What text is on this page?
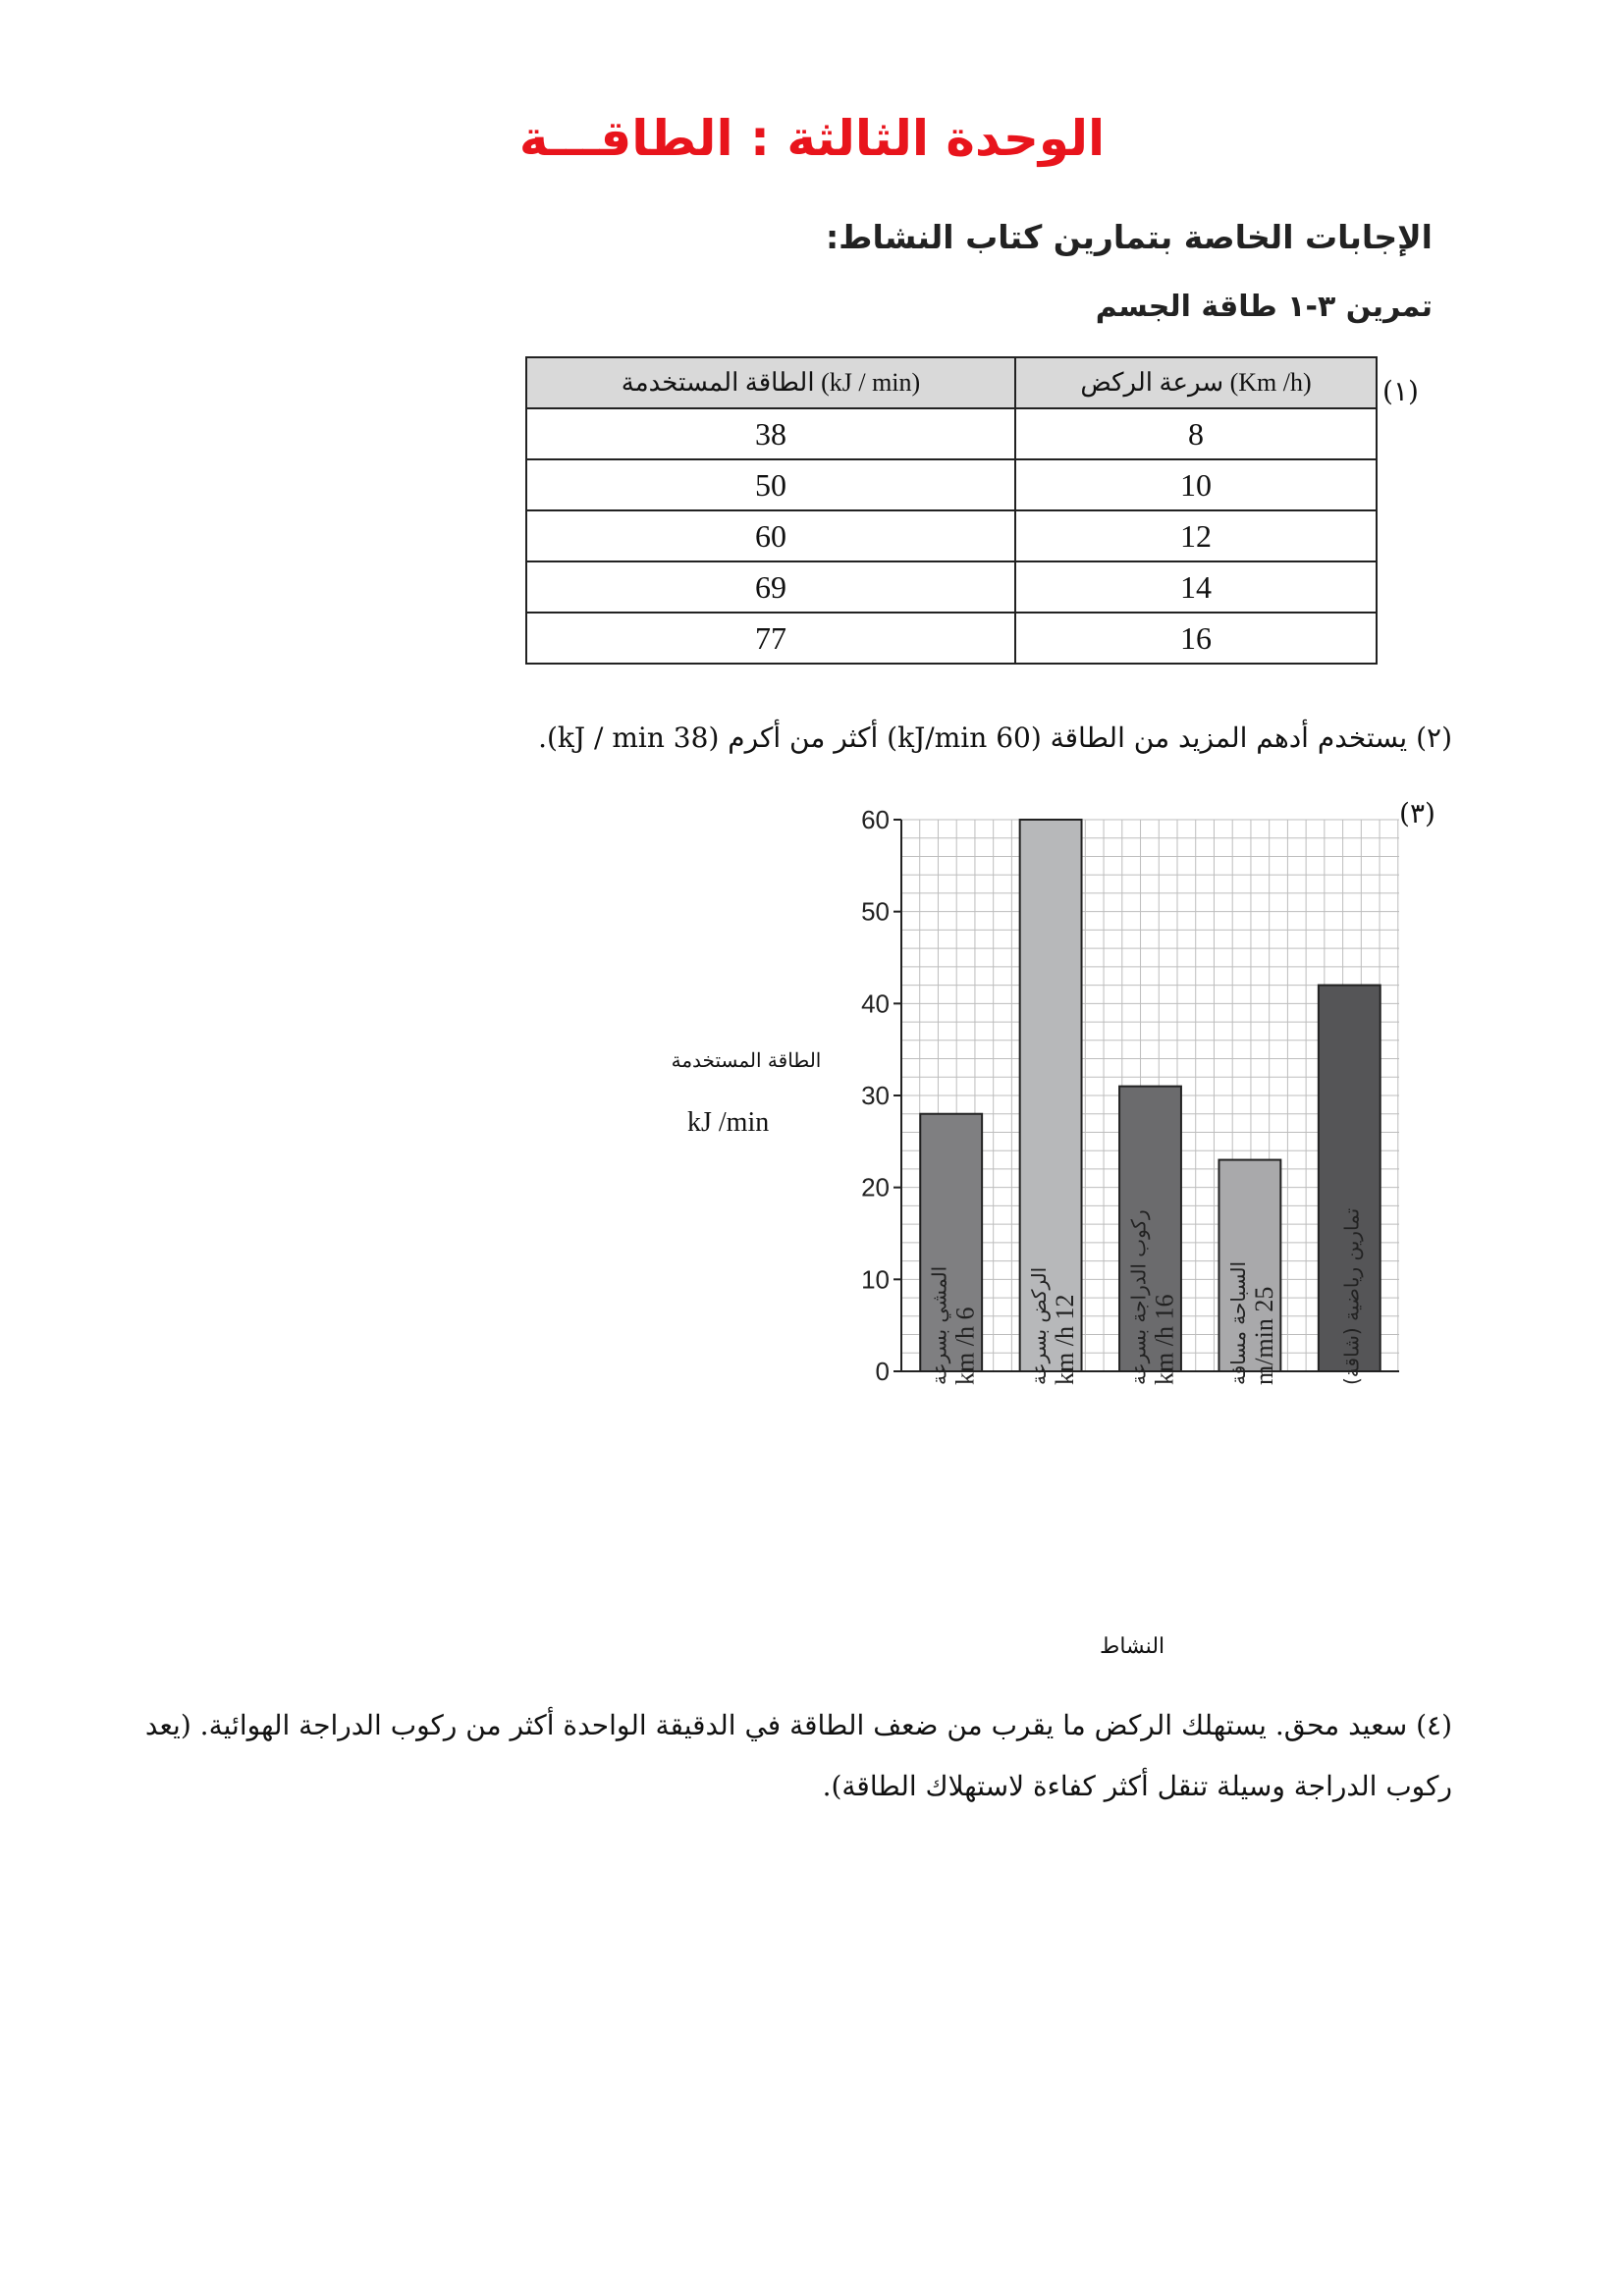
الوحدة الثالثة : الطاقـــة
الإجابات الخاصة بتمارين كتاب النشاط:
تمرين ٣-١ طاقة الجسم
(١)
الطاقة المستخدمة (kJ / min)	سرعة الركض (Km /h)
38	8
50	10
60	12
69	14
77	16
(٢) يستخدم أدهم المزيد من الطاقة (60 kJ/min) أكثر من أكرم (38 kJ / min).
(٣)
الطاقة المستخدمة
kJ /min
0
10
20
30
40
50
60
المشي بسرعة 6 km /h الركض بسرعة 12 km /h ركوب الدراجة بسرعة 16 km /h السباحة مسافة 25 m/min	تمارين رياضية (شاقة)
النشاط
(٤) سعيد محق. يستهلك الركض ما يقرب من ضعف الطاقة في الدقيقة الواحدة أكثر من ركوب الدراجة الهوائية. (يعد
ركوب الدراجة وسيلة تنقل أكثر كفاءة لاستهلاك الطاقة).
